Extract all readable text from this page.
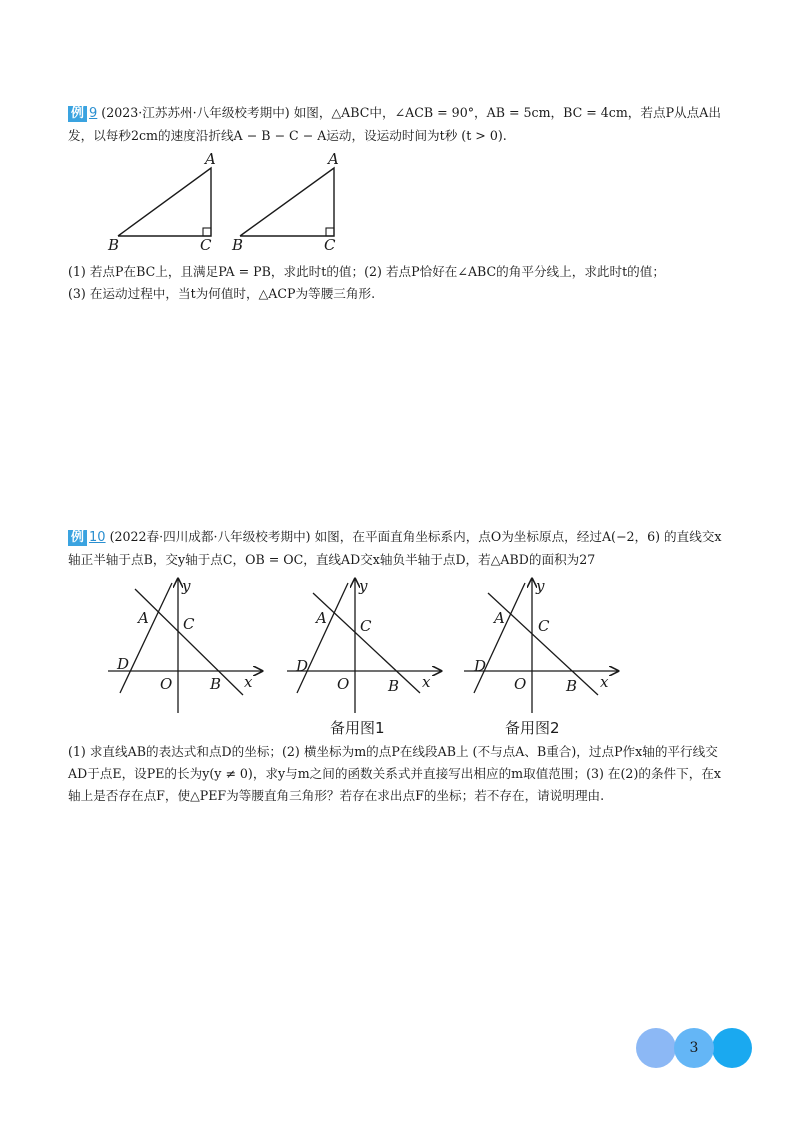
例 9 (2023·江苏苏州·八年级校考期中) 如图，△ABC中，∠ACB = 90°，AB = 5cm，BC = 4cm，若点P从点A出发，以每秒2cm的速度沿折线A − B − C − A运动，设运动时间为t秒 (t > 0).

A
B	C
A
B	C

(1) 若点P在BC上，且满足PA = PB，求此时t的值；(2) 若点P恰好在∠ABC的角平分线上，求此时t的值；

(3) 在运动过程中，当t为何值时，△ACP为等腰三角形.

例 10 (2022春·四川成都·八年级校考期中) 如图，在平面直角坐标系内，点O为坐标原点，经过A(−2，6) 的直线交x轴正半轴于点B，交y轴于点C，OB = OC，直线AD交x轴负半轴于点D，若△ABD的面积为27

y
A C
D
O	B x
y
A C
D
O	B x
备用图1
y
A C
D
O	B x
备用图2

(1) 求直线AB的表达式和点D的坐标；(2) 横坐标为m的点P在线段AB上 (不与点A、B重合)，过点P作x轴的平行线交AD于点E，设PE的长为y(y ≠ 0)，求y与m之间的函数关系式并直接写出相应的m取值范围；(3) 在(2)的条件下，在x轴上是否存在点F，使△PEF为等腰直角三角形？若存在求出点F的坐标；若不存在，请说明理由.

3
